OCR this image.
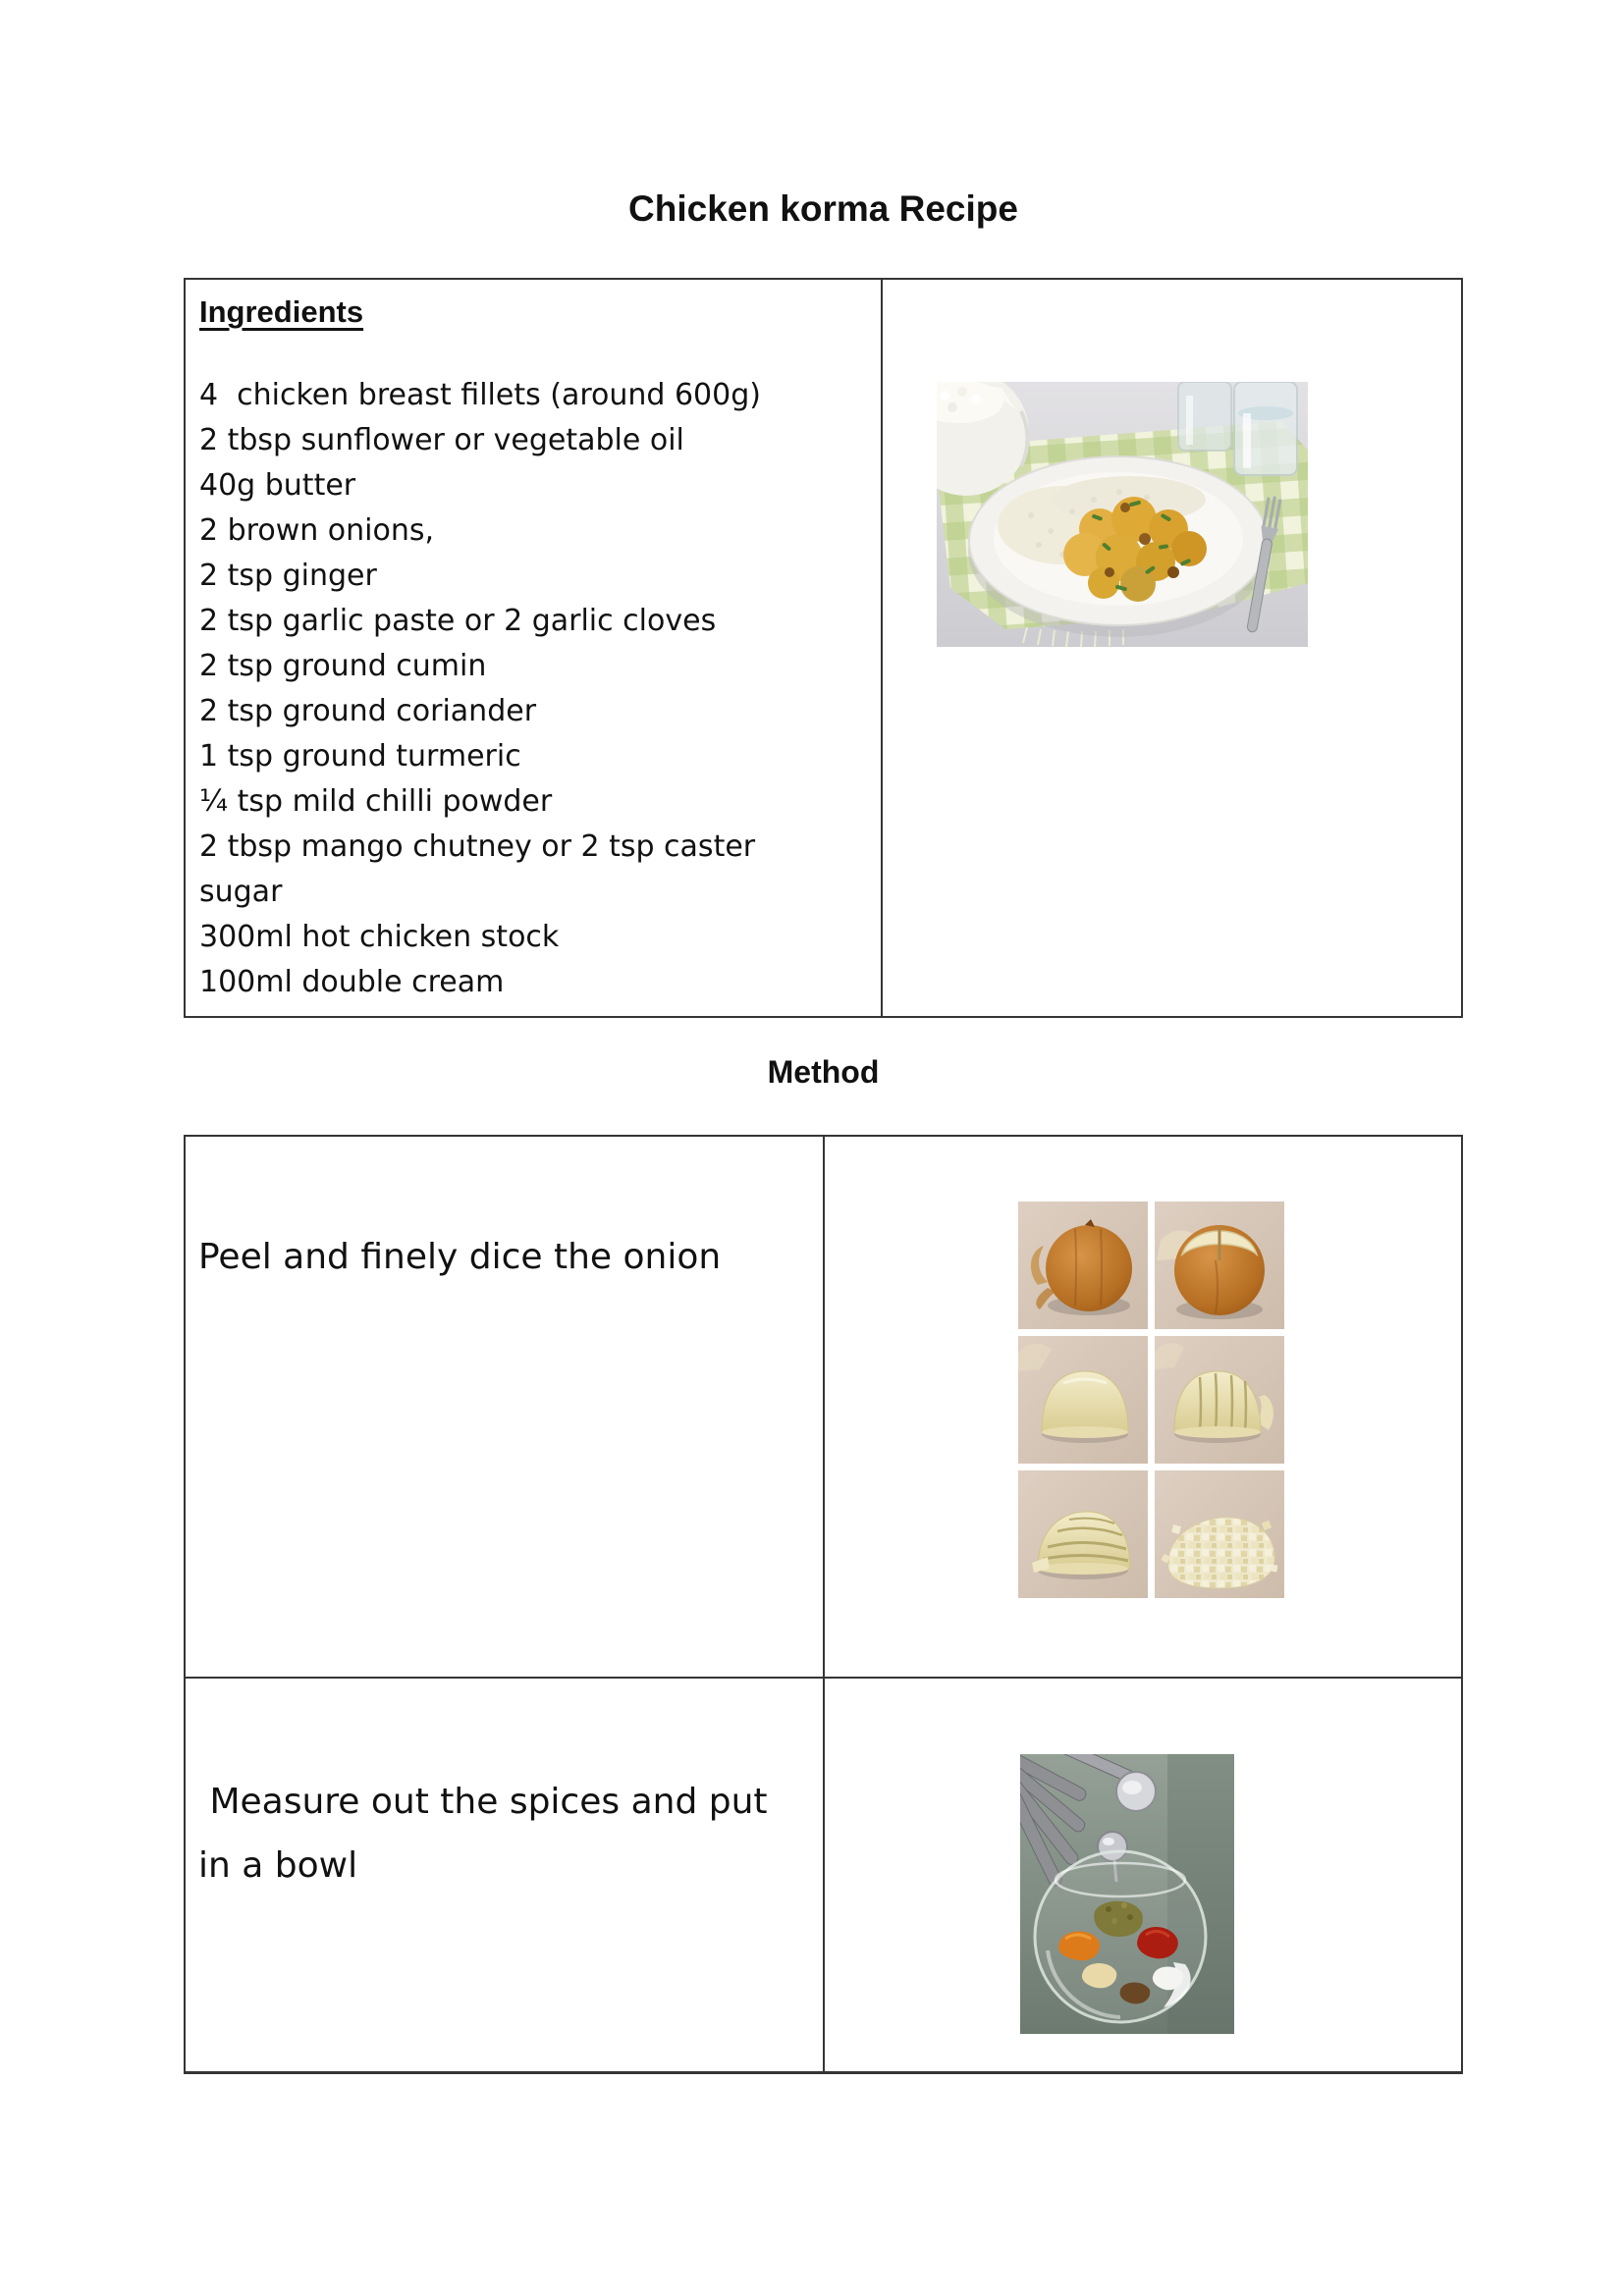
Chicken korma Recipe
Ingredients
4  chicken breast fillets (around 600g)
2 tbsp sunflower or vegetable oil
40g butter
2 brown onions,
2 tsp ginger
2 tsp garlic paste or 2 garlic cloves
2 tsp ground cumin
2 tsp ground coriander
1 tsp ground turmeric
¼ tsp mild chilli powder
2 tbsp mango chutney or 2 tsp caster
sugar
300ml hot chicken stock
100ml double cream
Method
Peel and finely dice the onion
Measure out the spices and put
in a bowl
